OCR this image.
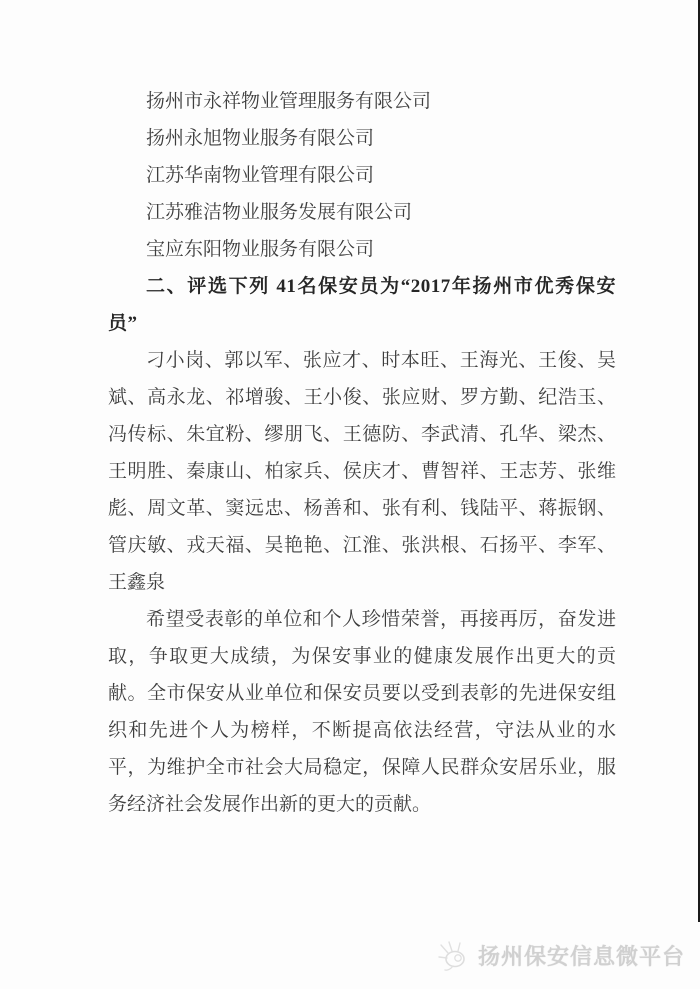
扬州市永祥物业管理服务有限公司

扬州永旭物业服务有限公司

江苏华南物业管理有限公司

江苏雅洁物业服务发展有限公司

宝应东阳物业服务有限公司

二、评选下列 41名保安员为“2017年扬州市优秀保安员”

刁小岗、郭以军、张应才、时本旺、王海光、王俊、吴斌、高永龙、祁增骏、王小俊、张应财、罗方勤、纪浩玉、冯传标、朱宜粉、缪朋飞、王德防、李武清、孔华、梁杰、王明胜、秦康山、柏家兵、侯庆才、曹智祥、王志芳、张维彪、周文革、窦远忠、杨善和、张有利、钱陆平、蒋振钢、管庆敏、戎天福、吴艳艳、江淮、张洪根、石扬平、李军、王鑫泉

希望受表彰的单位和个人珍惜荣誉，再接再厉，奋发进取，争取更大成绩，为保安事业的健康发展作出更大的贡献。全市保安从业单位和保安员要以受到表彰的先进保安组织和先进个人为榜样，不断提高依法经营，守法从业的水平，为维护全市社会大局稳定，保障人民群众安居乐业，服务经济社会发展作出新的更大的贡献。

扬州保安信息微平台
